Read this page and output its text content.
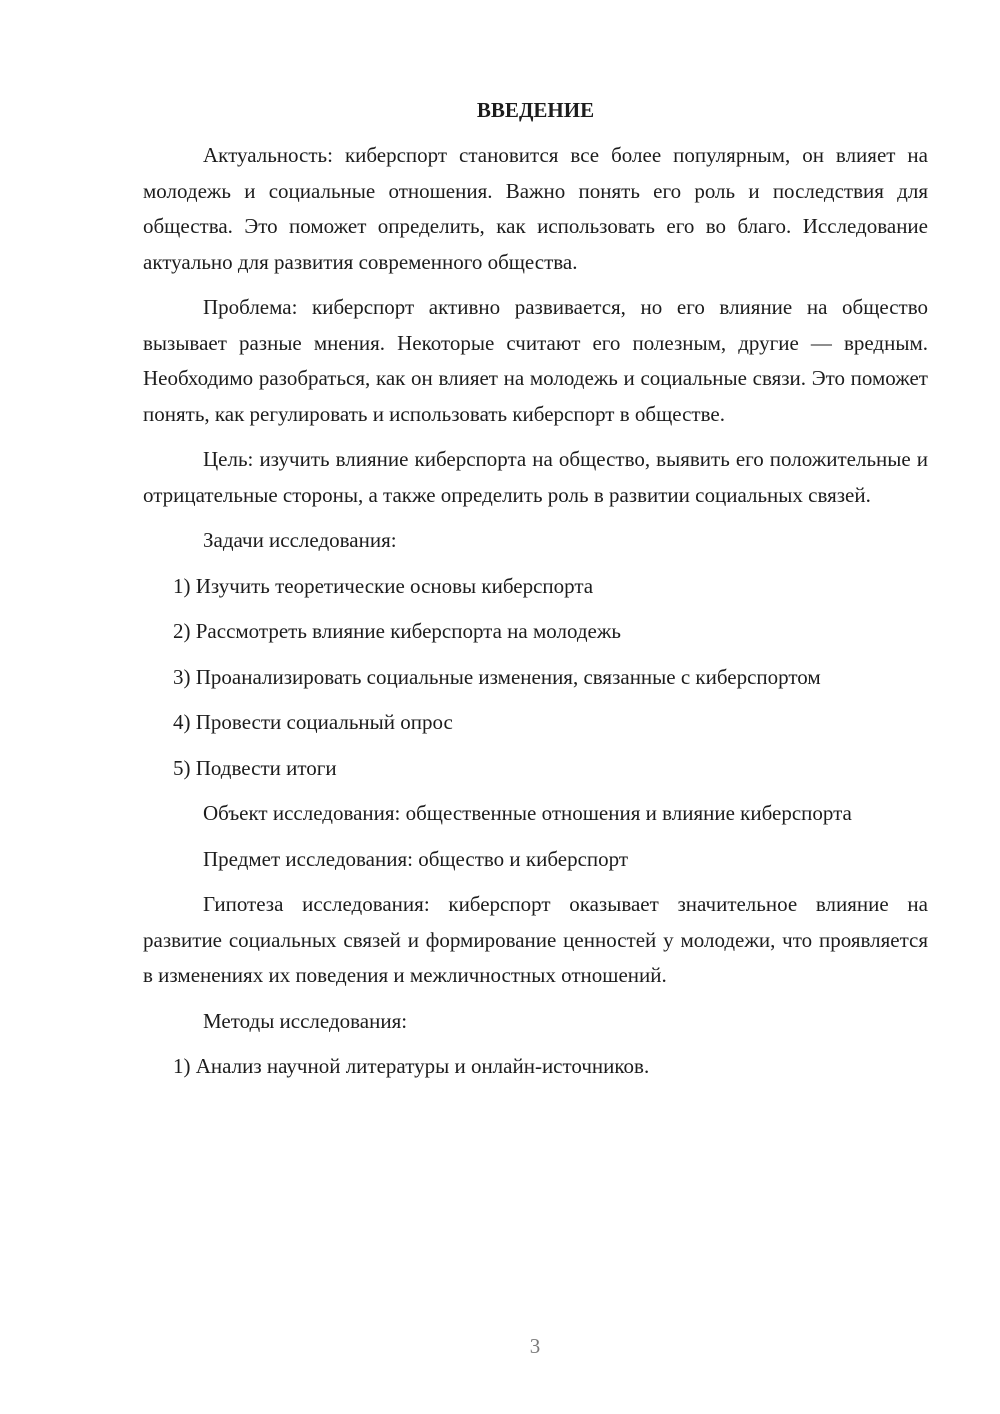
ВВЕДЕНИЕ

Актуальность: киберспорт становится все более популярным, он влияет на молодежь и социальные отношения. Важно понять его роль и последствия для общества. Это поможет определить, как использовать его во благо. Исследование актуально для развития современного общества.

Проблема: киберспорт активно развивается, но его влияние на общество вызывает разные мнения. Некоторые считают его полезным, другие — вредным. Необходимо разобраться, как он влияет на молодежь и социальные связи. Это поможет понять, как регулировать и использовать киберспорт в обществе.

Цель: изучить влияние киберспорта на общество, выявить его положительные и отрицательные стороны, а также определить роль в развитии социальных связей.

Задачи исследования:

1) Изучить теоретические основы киберспорта

2) Рассмотреть влияние киберспорта на молодежь

3) Проанализировать социальные изменения, связанные с киберспортом

4) Провести социальный опрос

5) Подвести итоги

Объект исследования: общественные отношения и влияние киберспорта

Предмет исследования: общество и киберспорт

Гипотеза исследования: киберспорт оказывает значительное влияние на развитие социальных связей и формирование ценностей у молодежи, что проявляется в изменениях их поведения и межличностных отношений.

Методы исследования:

1) Анализ научной литературы и онлайн-источников.

3
